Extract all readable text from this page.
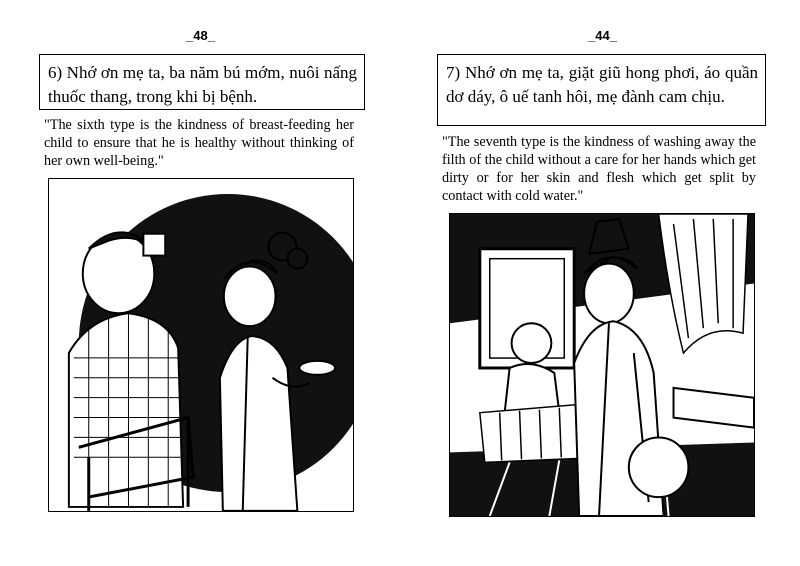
_48_
6) Nhớ ơn mẹ ta, ba năm bú mớm, nuôi nấng thuốc thang, trong khi bị bệnh.
"The sixth type is the kindness of breast-feeding her child to ensure that he is healthy without thinking of her own well-being."
_44_
7) Nhớ ơn mẹ ta, giặt giũ hong phơi, áo quần dơ dáy, ô uế tanh hôi, mẹ đành cam chịu.
"The seventh type is the kindness of washing away the filth of the child without a care for her hands which get dirty or for her skin and flesh which get split by contact with cold water."
